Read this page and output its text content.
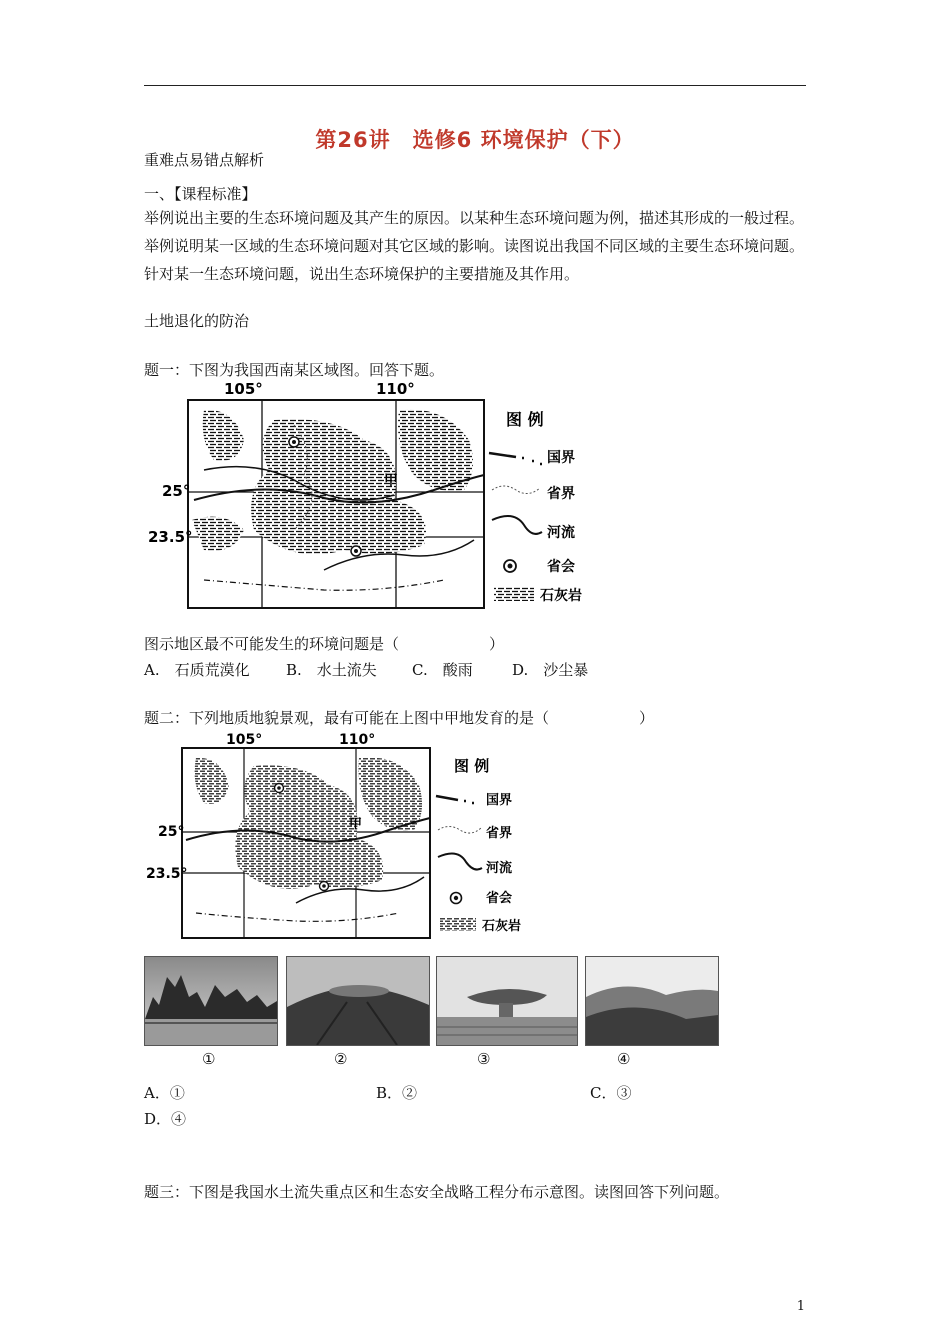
第26讲　选修6 环境保护（下）
重难点易错点解析
一、【课程标准】
举例说出主要的生态环境问题及其产生的原因。以某种生态环境问题为例，描述其形成的一般过程。举例说明某一区域的生态环境问题对其它区域的影响。读图说出我国不同区域的主要生态环境问题。针对某一生态环境问题，说出生态环境保护的主要措施及其作用。
土地退化的防治
题一：下图为我国西南某区域图。回答下题。
105°	110°
25°
23.5°
甲
图 例
国界
省界
河流
省会
石灰岩
图示地区最不可能发生的环境问题是（　　　　　　）
A.　石质荒漠化 B.　水土流失 C.　酸雨	D.　沙尘暴
题二：下列地质地貌景观，最有可能在上图中甲地发育的是（　　　　　　）
105°	110°
25°
23.5°
甲
图 例
国界
省界
河流
省会
石灰岩
①	②	③	④
A．①	B．②	C．③
D．④
题三：下图是我国水土流失重点区和生态安全战略工程分布示意图。读图回答下列问题。
1
